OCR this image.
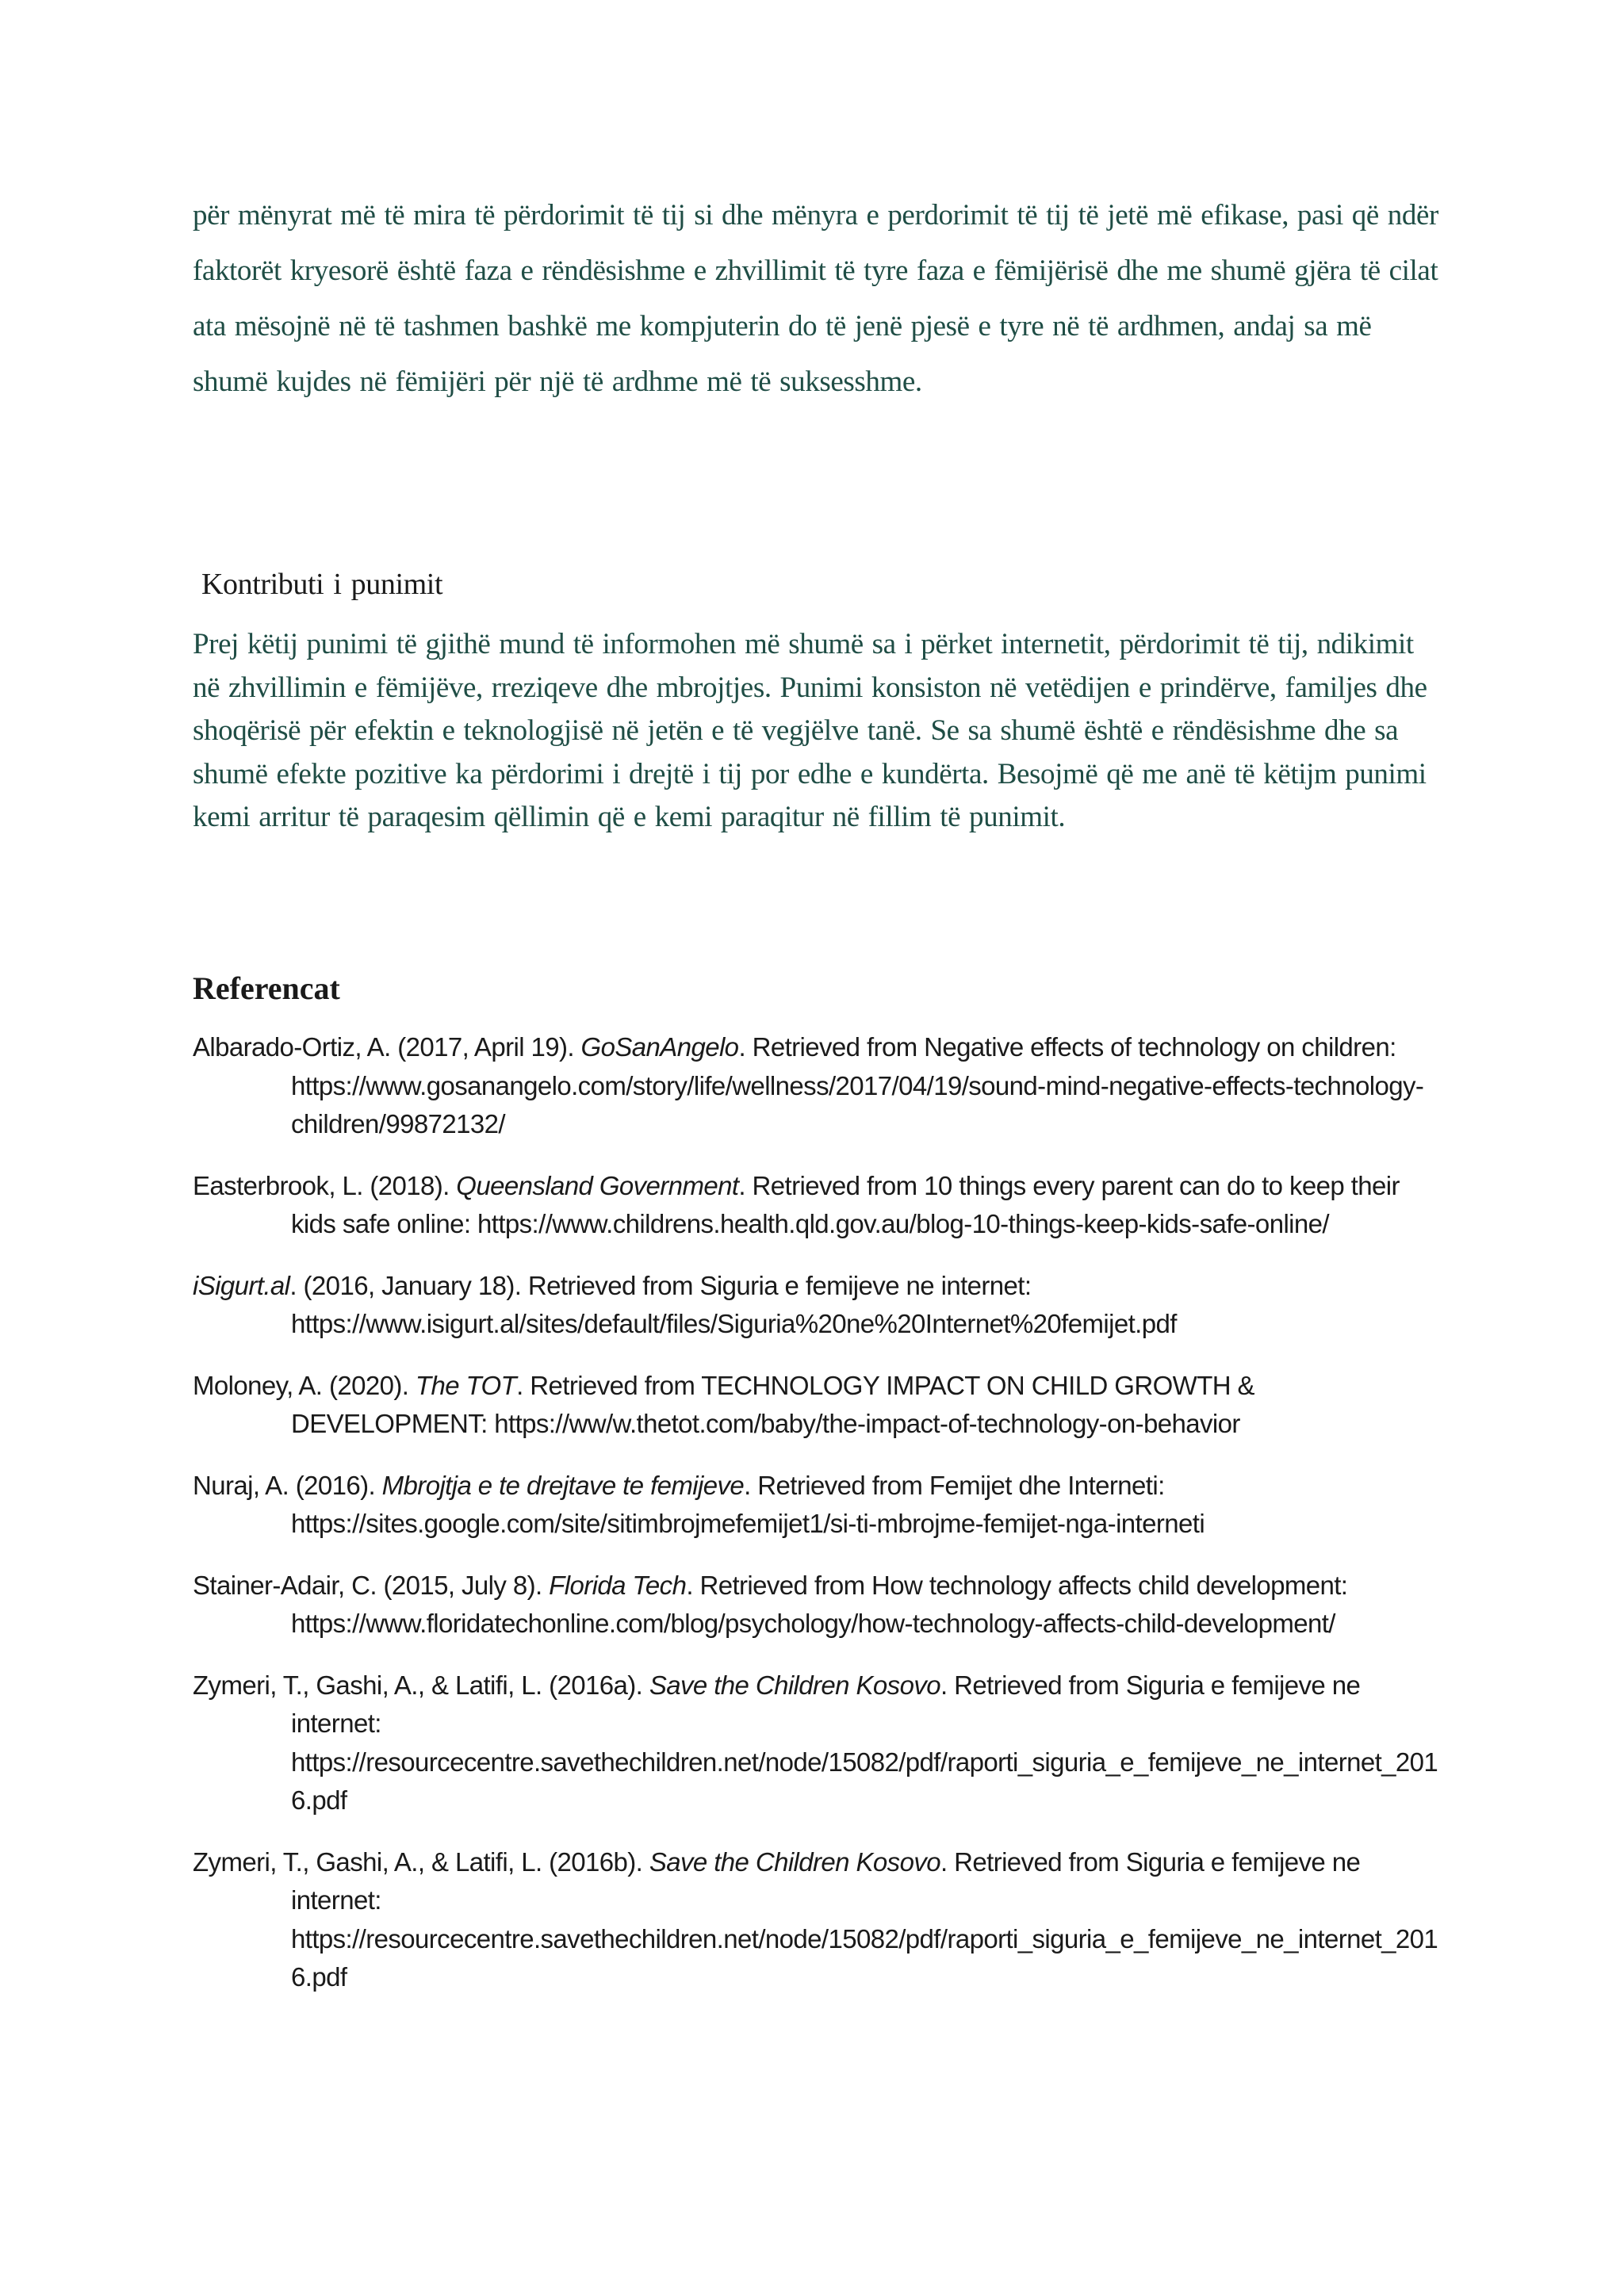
për mënyrat më të mira të përdorimit të tij si dhe mënyra e perdorimit të tij të jetë më efikase, pasi që ndër faktorët kryesorë është faza e rëndësishme e zhvillimit të tyre faza e fëmijërisë dhe me shumë gjëra të cilat ata mësojnë në të tashmen bashkë me kompjuterin do të jenë pjesë e tyre në të ardhmen, andaj sa më shumë kujdes në fëmijëri për një të ardhme më të suksesshme.

Kontributi i punimit

Prej këtij punimi të gjithë mund të informohen më shumë sa i përket internetit, përdorimit të tij, ndikimit në zhvillimin e fëmijëve, rreziqeve dhe mbrojtjes. Punimi konsiston në vetëdijen e prindërve, familjes dhe shoqërisë për efektin e teknologjisë në jetën e të vegjëlve tanë. Se sa shumë është e rëndësishme dhe sa shumë efekte pozitive ka përdorimi i drejtë i tij por edhe e kundërta. Besojmë që me anë të këtijm punimi kemi arritur të paraqesim qëllimin që e kemi paraqitur në fillim të punimit.

Referencat
Albarado-Ortiz, A. (2017, April 19). GoSanAngelo. Retrieved from Negative effects of technology on children: https://www.gosanangelo.com/story/life/wellness/2017/04/19/sound-mind-negative-effects-technology-children/99872132/
Easterbrook, L. (2018). Queensland Government. Retrieved from 10 things every parent can do to keep their kids safe online: https://www.childrens.health.qld.gov.au/blog-10-things-keep-kids-safe-online/
iSigurt.al. (2016, January 18). Retrieved from Siguria e femijeve ne internet: https://www.isigurt.al/sites/default/files/Siguria%20ne%20Internet%20femijet.pdf
Moloney, A. (2020). The TOT. Retrieved from TECHNOLOGY IMPACT ON CHILD GROWTH & DEVELOPMENT: https://ww/w.thetot.com/baby/the-impact-of-technology-on-behavior
Nuraj, A. (2016). Mbrojtja e te drejtave te femijeve. Retrieved from Femijet dhe Interneti: https://sites.google.com/site/sitimbrojmefemijet1/si-ti-mbrojme-femijet-nga-interneti
Stainer-Adair, C. (2015, July 8). Florida Tech. Retrieved from How technology affects child development: https://www.floridatechonline.com/blog/psychology/how-technology-affects-child-development/
Zymeri, T., Gashi, A., & Latifi, L. (2016a). Save the Children Kosovo. Retrieved from Siguria e femijeve ne internet: https://resourcecentre.savethechildren.net/node/15082/pdf/raporti_siguria_e_femijeve_ne_internet_2016.pdf
Zymeri, T., Gashi, A., & Latifi, L. (2016b). Save the Children Kosovo. Retrieved from Siguria e femijeve ne internet: https://resourcecentre.savethechildren.net/node/15082/pdf/raporti_siguria_e_femijeve_ne_internet_2016.pdf
